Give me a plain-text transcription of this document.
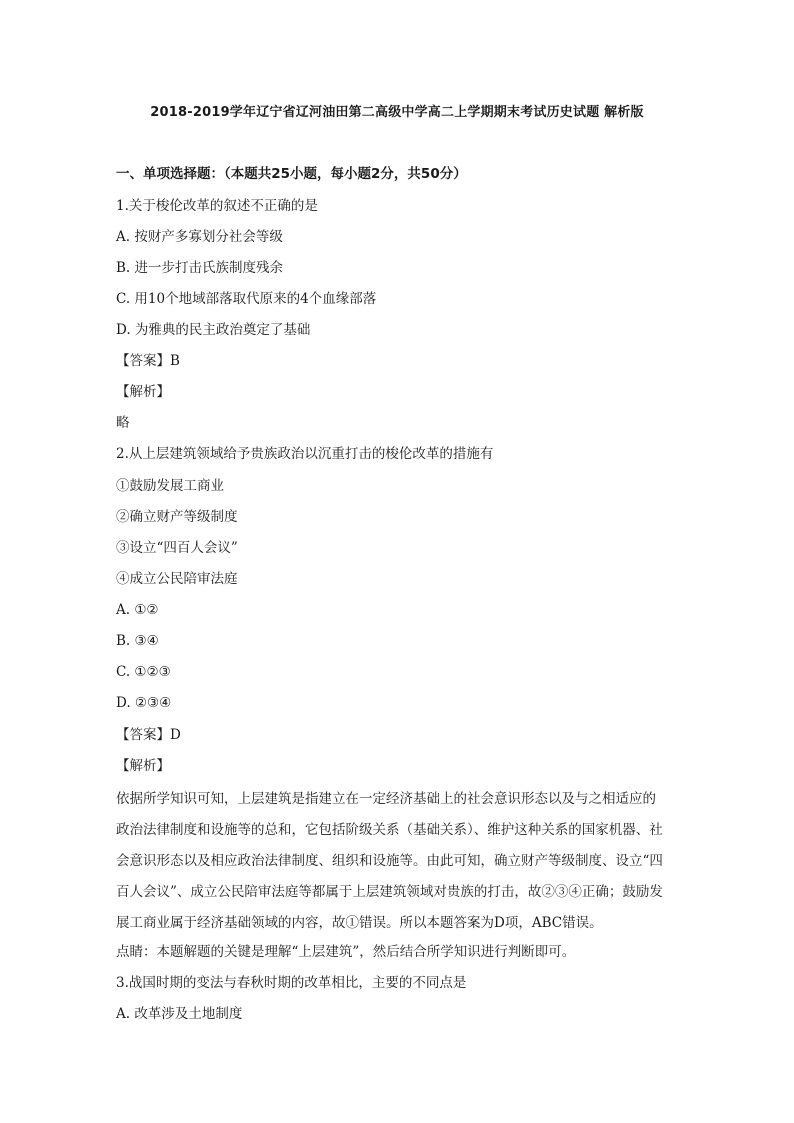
2018-2019学年辽宁省辽河油田第二高级中学高二上学期期末考试历史试题 解析版
一、单项选择题：（本题共25小题，每小题2分，共50分）
1.关于梭伦改革的叙述不正确的是
A. 按财产多寡划分社会等级
B. 进一步打击氏族制度残余
C. 用10个地域部落取代原来的4个血缘部落
D. 为雅典的民主政治奠定了基础
【答案】B
【解析】
略
2.从上层建筑领域给予贵族政治以沉重打击的梭伦改革的措施有
①鼓励发展工商业
②确立财产等级制度
③设立“四百人会议”
④成立公民陪审法庭
A. ①②
B. ③④
C. ①②③
D. ②③④
【答案】D
【解析】
依据所学知识可知，上层建筑是指建立在一定经济基础上的社会意识形态以及与之相适应的
政治法律制度和设施等的总和，它包括阶级关系（基础关系）、维护这种关系的国家机器、社
会意识形态以及相应政治法律制度、组织和设施等。由此可知，确立财产等级制度、设立“四
百人会议”、成立公民陪审法庭等都属于上层建筑领域对贵族的打击，故②③④正确；鼓励发
展工商业属于经济基础领域的内容，故①错误。所以本题答案为D项，ABC错误。
点睛：本题解题的关键是理解“上层建筑”，然后结合所学知识进行判断即可。
3.战国时期的变法与春秋时期的改革相比，主要的不同点是
A. 改革涉及土地制度
